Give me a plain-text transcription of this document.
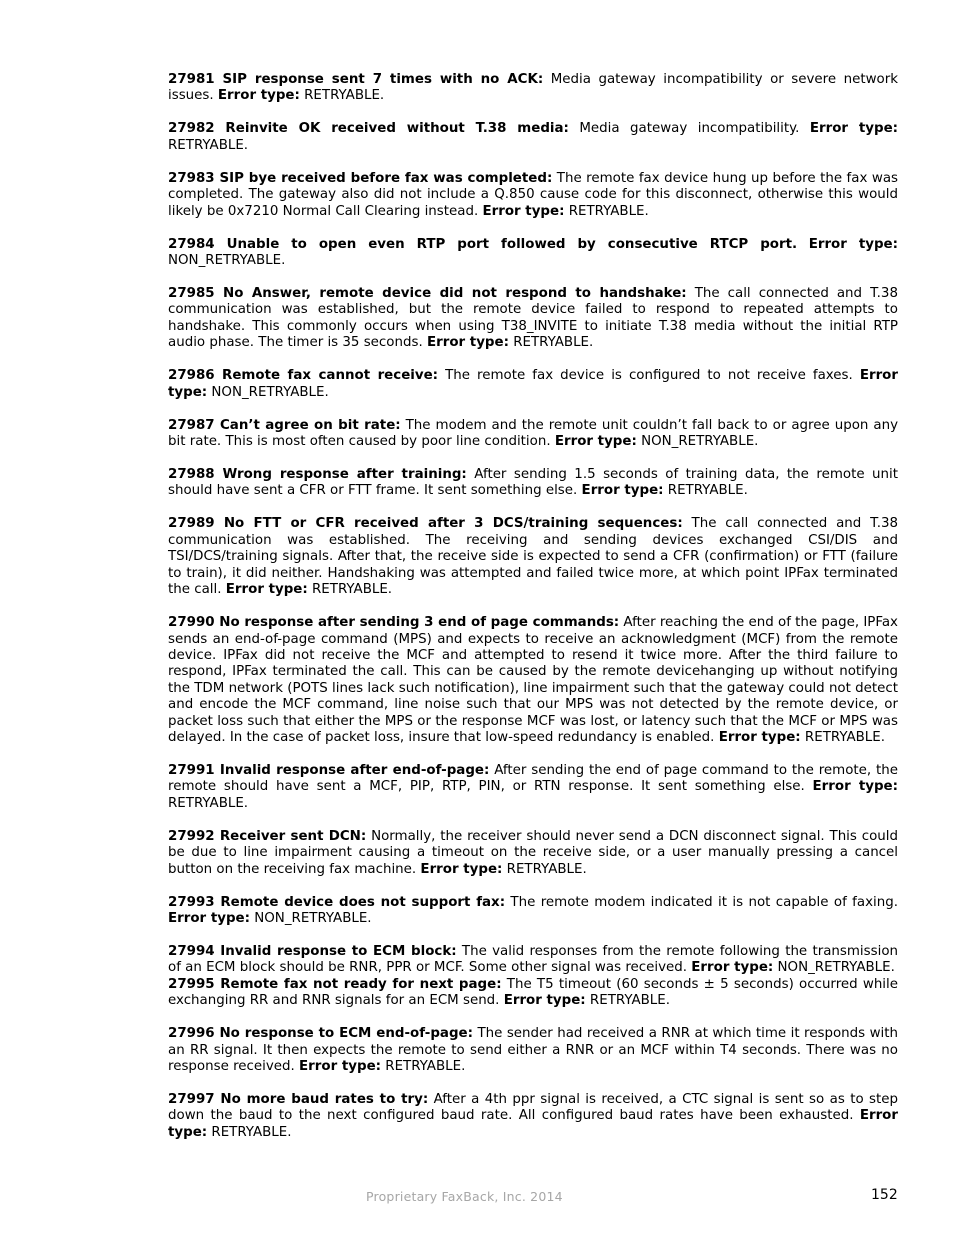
27981 SIP response sent 7 times with no ACK: Media gateway incompatibility or severe network issues. Error type: RETRYABLE.

27982 Reinvite OK received without T.38 media: Media gateway incompatibility. Error type: RETRYABLE.

27983 SIP bye received before fax was completed: The remote fax device hung up before the fax was completed. The gateway also did not include a Q.850 cause code for this disconnect, otherwise this would likely be 0x7210 Normal Call Clearing instead. Error type: RETRYABLE.

27984 Unable to open even RTP port followed by consecutive RTCP port. Error type: NON_RETRYABLE.

27985 No Answer, remote device did not respond to handshake: The call connected and T.38 communication was established, but the remote device failed to respond to repeated attempts to handshake. This commonly occurs when using T38_INVITE to initiate T.38 media without the initial RTP audio phase. The timer is 35 seconds. Error type: RETRYABLE.

27986 Remote fax cannot receive: The remote fax device is configured to not receive faxes. Error type: NON_RETRYABLE.

27987 Can’t agree on bit rate: The modem and the remote unit couldn’t fall back to or agree upon any bit rate. This is most often caused by poor line condition. Error type: NON_RETRYABLE.

27988 Wrong response after training: After sending 1.5 seconds of training data, the remote unit should have sent a CFR or FTT frame. It sent something else. Error type: RETRYABLE.

27989 No FTT or CFR received after 3 DCS/training sequences: The call connected and T.38 communication was established. The receiving and sending devices exchanged CSI/DIS and TSI/DCS/training signals. After that, the receive side is expected to send a CFR (confirmation) or FTT (failure to train), it did neither. Handshaking was attempted and failed twice more, at which point IPFax terminated the call. Error type: RETRYABLE.

27990 No response after sending 3 end of page commands: After reaching the end of the page, IPFax sends an end-of-page command (MPS) and expects to receive an acknowledgment (MCF) from the remote device. IPFax did not receive the MCF and attempted to resend it twice more. After the third failure to respond, IPFax terminated the call. This can be caused by the remote devicehanging up without notifying the TDM network (POTS lines lack such notification), line impairment such that the gateway could not detect and encode the MCF command, line noise such that our MPS was not detected by the remote device, or packet loss such that either the MPS or the response MCF was lost, or latency such that the MCF or MPS was delayed. In the case of packet loss, insure that low-speed redundancy is enabled. Error type: RETRYABLE.

27991 Invalid response after end-of-page: After sending the end of page command to the remote, the remote should have sent a MCF, PIP, RTP, PIN, or RTN response. It sent something else. Error type: RETRYABLE.

27992 Receiver sent DCN: Normally, the receiver should never send a DCN disconnect signal. This could be due to line impairment causing a timeout on the receive side, or a user manually pressing a cancel button on the receiving fax machine. Error type: RETRYABLE.

27993 Remote device does not support fax: The remote modem indicated it is not capable of faxing. Error type: NON_RETRYABLE.

27994 Invalid response to ECM block: The valid responses from the remote following the transmission of an ECM block should be RNR, PPR or MCF. Some other signal was received. Error type: NON_RETRYABLE.

27995 Remote fax not ready for next page: The T5 timeout (60 seconds ± 5 seconds) occurred while exchanging RR and RNR signals for an ECM send. Error type: RETRYABLE.

27996 No response to ECM end-of-page: The sender had received a RNR at which time it responds with an RR signal. It then expects the remote to send either a RNR or an MCF within T4 seconds. There was no response received. Error type: RETRYABLE.

27997 No more baud rates to try: After a 4th ppr signal is received, a CTC signal is sent so as to step down the baud to the next configured baud rate. All configured baud rates have been exhausted. Error type: RETRYABLE.

Proprietary FaxBack, Inc. 2014	152
